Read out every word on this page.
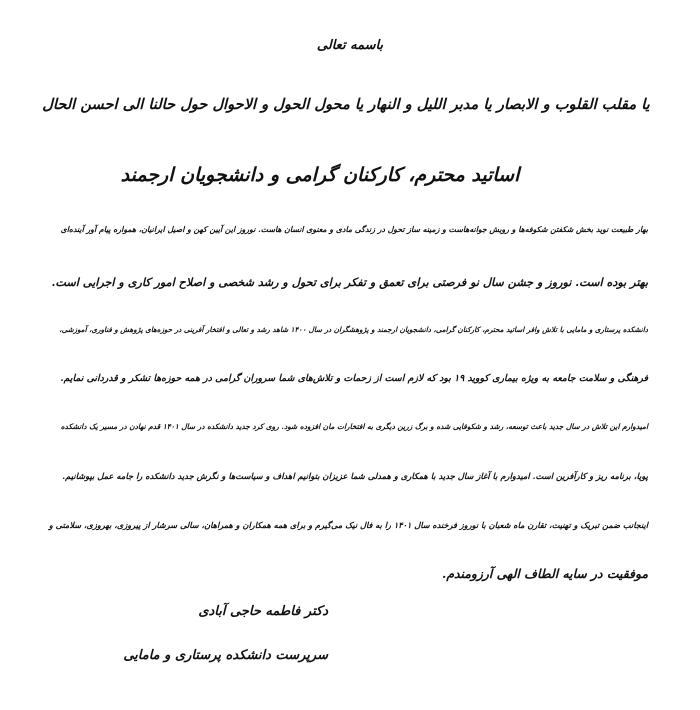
باسمه تعالی
یا مقلب القلوب و الابصار یا مدبر اللیل و النهار یا محول الحول و الاحوال حول حالنا الی احسن الحال
اساتید محترم، کارکنان گرامی و دانشجویان ارجمند
بهار طبیعت نوید بخش شکفتن شکوفه‌ها و رویش جوانه‌هاست و زمینه ساز تحول در زندگی مادی و معنوی انسان هاست. نوروز این آیین کهن و اصیل ایرانیان، همواره پیام آور آینده‌ای
بهتر بوده است. نوروز و جشن سال نو فرصتی برای تعمق و تفکر برای تحول و رشد شخصی و اصلاح امور کاری و اجرایی است.
دانشکده پرستاری و مامایی با تلاش وافر اساتید محترم، کارکنان گرامی، دانشجویان ارجمند و پژوهشگران در سال ۱۴۰۰ شاهد رشد و تعالی و افتخار آفرینی در حوزه‌های پژوهش و فناوری، آموزشی،
فرهنگی و سلامت جامعه به ویژه بیماری کووید ۱۹ بود که لازم است از زحمات و تلاش‌های شما سروران گرامی در همه حوزه‌ها تشکر و قدردانی نمایم.
امیدوارم این تلاش در سال جدید باعث توسعه، رشد و شکوفایی شده و برگ زرین دیگری به افتخارات مان افزوده شود. روی کرد جدید دانشکده در سال ۱۴۰۱ قدم نهادن در مسیر یک دانشکده
پویا، برنامه ریز و کارآفرین است. امیدوارم با آغاز سال جدید با همکاری و همدلی شما عزیزان بتوانیم اهداف و سیاست‌ها و نگرش جدید دانشکده را جامه عمل بپوشانیم.
اینجانب ضمن تبریک و تهنیت، تقارن ماه شعبان با نوروز فرخنده سال ۱۴۰۱ را به فال نیک می‌گیرم و برای همه همکاران و همراهان، سالی سرشار از پیروزی، بهروزی، سلامتی و
موفقیت در سایه الطاف الهی آرزومندم.
دکتر فاطمه حاجی آبادی
سرپرست دانشکده پرستاری و مامایی
